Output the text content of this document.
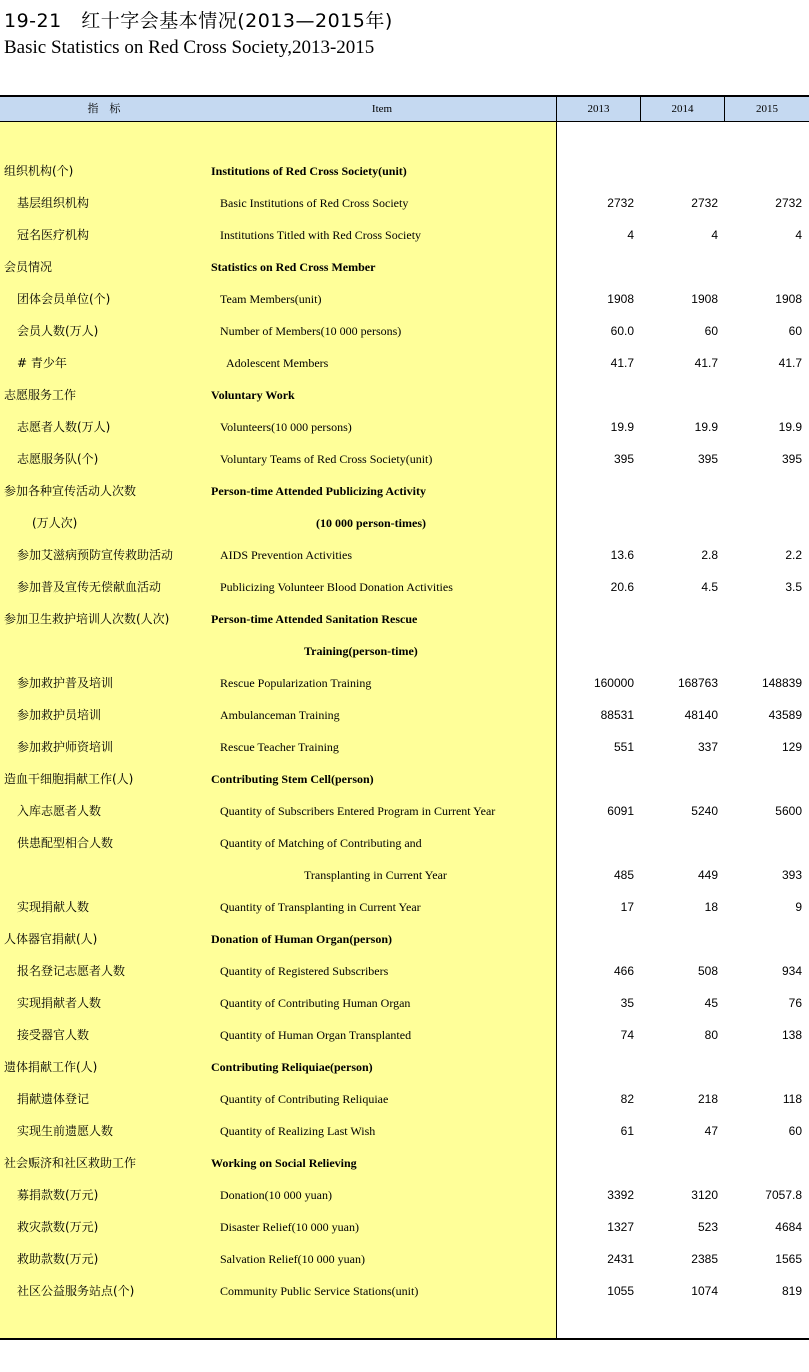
19-21　红十字会基本情况(2013—2015年)
Basic Statistics on Red Cross Society,2013-2015
指　标	Item	2013	2014	2015
组织机构(个)	Institutions of Red Cross Society(unit)
基层组织机构	Basic Institutions of Red Cross Society	2732	2732	2732
冠名医疗机构	Institutions Titled with Red Cross Society	4	4	4
会员情况	Statistics on Red Cross Member
团体会员单位(个)	Team Members(unit)	1908	1908	1908
会员人数(万人)	Number of Members(10 000 persons)	60.0	60	60
# 青少年	Adolescent Members	41.7	41.7	41.7
志愿服务工作	Voluntary Work
志愿者人数(万人)	Volunteers(10 000 persons)	19.9	19.9	19.9
志愿服务队(个)	Voluntary Teams of Red Cross Society(unit)	395	395	395
参加各种宣传活动人次数	Person-time Attended Publicizing Activity
(万人次)	(10 000 person-times)
参加艾滋病预防宣传救助活动	AIDS Prevention Activities	13.6	2.8	2.2
参加普及宣传无偿献血活动	Publicizing Volunteer Blood Donation Activities	20.6	4.5	3.5
参加卫生救护培训人次数(人次)	Person-time Attended Sanitation Rescue
Training(person-time)
参加救护普及培训	Rescue Popularization Training	160000	168763	148839
参加救护员培训	Ambulanceman Training	88531	48140	43589
参加救护师资培训	Rescue Teacher Training	551	337	129
造血干细胞捐献工作(人)	Contributing Stem Cell(person)
入库志愿者人数	Quantity of Subscribers Entered Program in Current Year	6091	5240	5600
供患配型相合人数	Quantity of Matching of Contributing and
Transplanting in Current Year	485	449	393
实现捐献人数	Quantity of Transplanting in Current Year	17	18	9
人体器官捐献(人)	Donation of Human Organ(person)
报名登记志愿者人数	Quantity of Registered Subscribers	466	508	934
实现捐献者人数	Quantity of Contributing Human Organ	35	45	76
接受器官人数	Quantity of Human Organ Transplanted	74	80	138
遗体捐献工作(人)	Contributing Reliquiae(person)
捐献遗体登记	Quantity of Contributing Reliquiae	82	218	118
实现生前遗愿人数	Quantity of Realizing Last Wish	61	47	60
社会赈济和社区救助工作	Working on Social Relieving
募捐款数(万元)	Donation(10 000 yuan)	3392	3120	7057.8
救灾款数(万元)	Disaster Relief(10 000 yuan)	1327	523	4684
救助款数(万元)	Salvation Relief(10 000 yuan)	2431	2385	1565
社区公益服务站点(个)	Community Public Service Stations(unit)	1055	1074	819
